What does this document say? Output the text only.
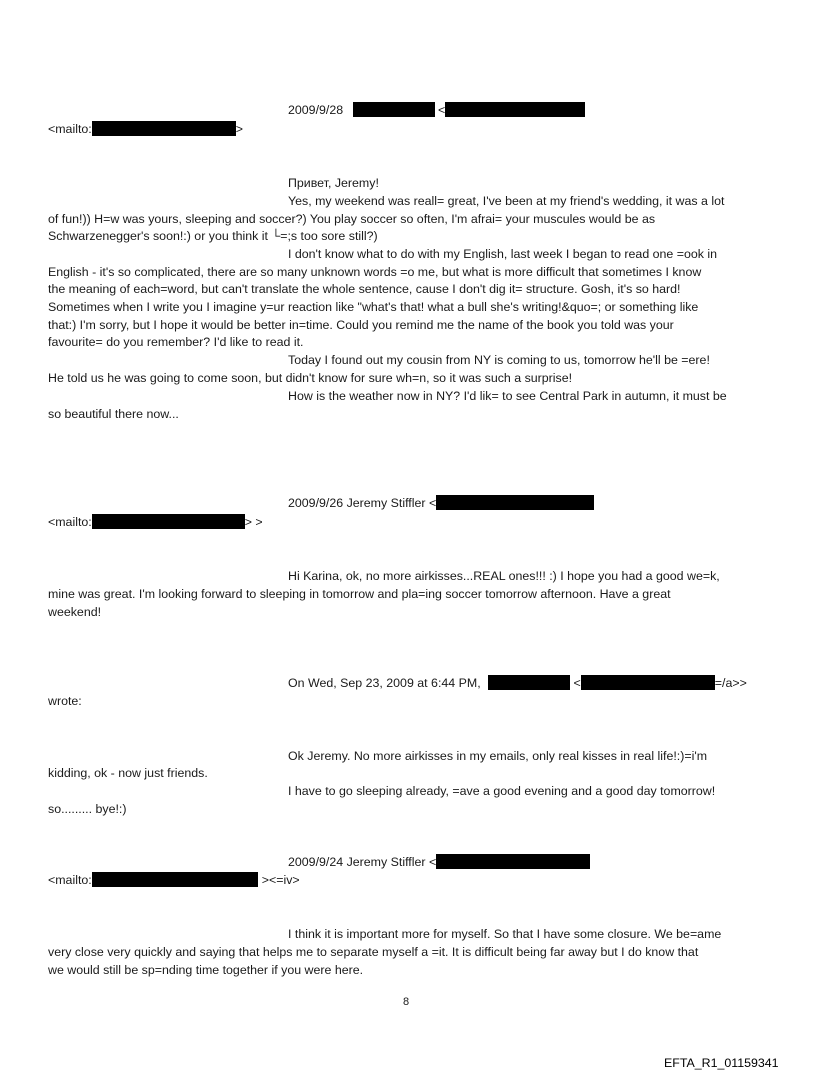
2009/9/28	<
<mailto:	>
Привет, Jeremy!
Yes, my weekend was reall= great, I've been at my friend's wedding, it was a lot
of fun!)) H=w was yours, sleeping and soccer?) You play soccer so often, I'm afrai= your muscules would be as
Schwarzenegger's soon!:) or you think it └=;s too sore still?)
I don't know what to do with my English, last week I began to read one =ook in
English - it's so complicated, there are so many unknown words =o me, but what is more difficult that sometimes I know
the meaning of each=word, but can't translate the whole sentence, cause I don't dig it= structure. Gosh, it's so hard!
Sometimes when I write you I imagine y=ur reaction like "what's that! what a bull she's writing!&quo=; or something like
that:) I'm sorry, but I hope it would be better in=time. Could you remind me the name of the book you told was your
favourite= do you remember? I'd like to read it.
Today I found out my cousin from NY is coming to us, tomorrow he'll be =ere!
He told us he was going to come soon, but didn't know for sure wh=n, so it was such a surprise!
How is the weather now in NY? I'd lik= to see Central Park in autumn, it must be
so beautiful there now...
2009/9/26 Jeremy Stiffler <
<mailto:	> >
Hi Karina, ok, no more airkisses...REAL ones!!! :) I hope you had a good we=k,
mine was great. I'm looking forward to sleeping in tomorrow and pla=ing soccer tomorrow afternoon. Have a great
weekend!
On Wed, Sep 23, 2009 at 6:44 PM,	<	=/a>>
wrote:
Ok Jeremy. No more airkisses in my emails, only real kisses in real life!:)=i'm
kidding, ok - now just friends.
I have to go sleeping already, =ave a good evening and a good day tomorrow!
so......... bye!:)
2009/9/24 Jeremy Stiffler <
<mailto:	><=iv>
I think it is important more for myself. So that I have some closure. We be=ame
very close very quickly and saying that helps me to separate myself a =it. It is difficult being far away but I do know that
we would still be sp=nding time together if you were here.
8
EFTA_R1_01159341
